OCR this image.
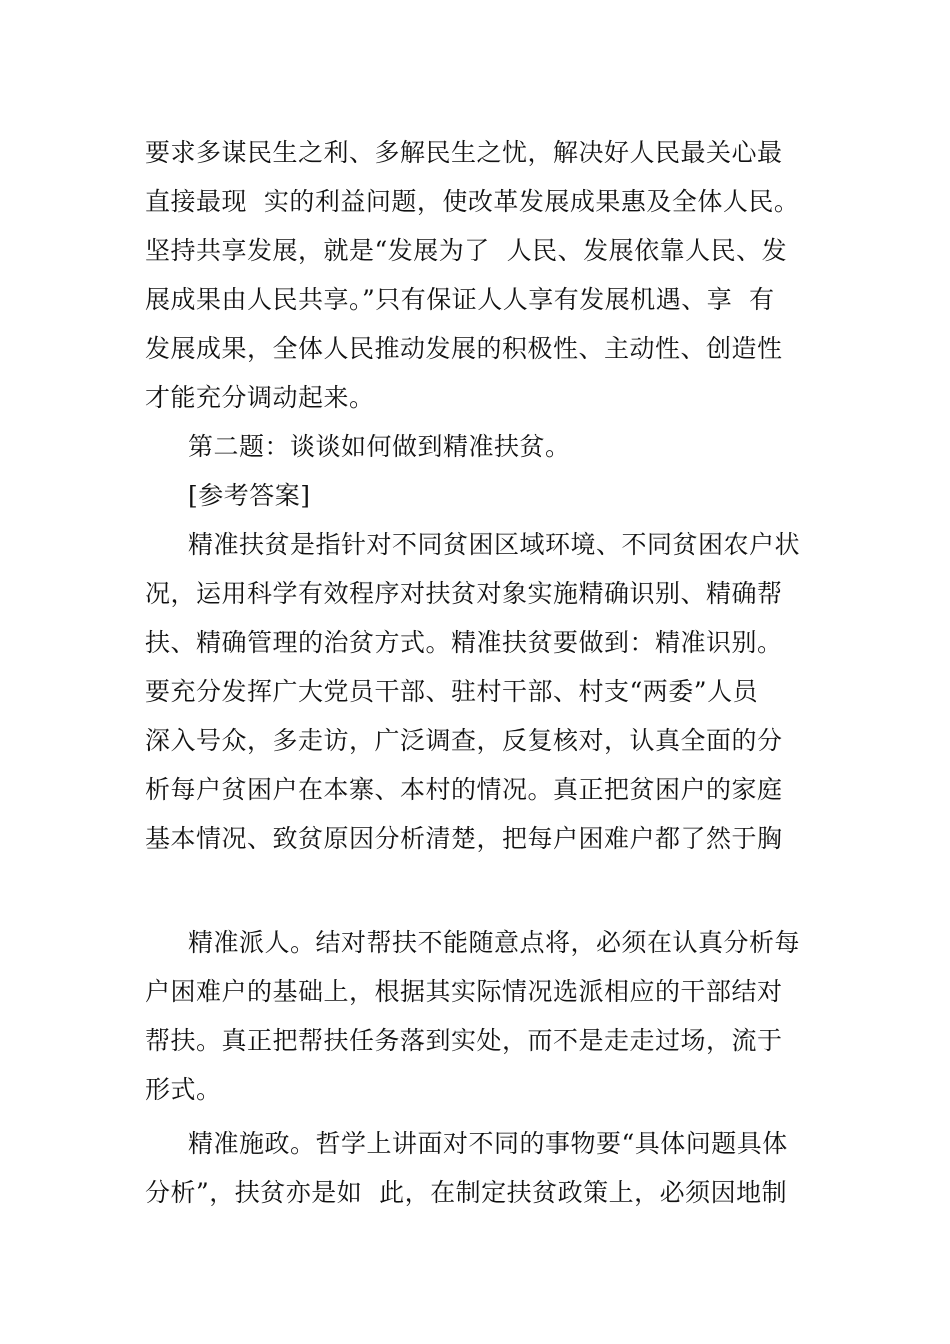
要求多谋民生之利、多解民生之忧，解决好人民最关心最
直接最现  实的利益问题，使改革发展成果惠及全体人民。
坚持共享发展，就是“发展为了  人民、发展依靠人民、发
展成果由人民共享。”只有保证人人享有发展机遇、享  有
发展成果，全体人民推动发展的积极性、主动性、创造性
才能充分调动起来。
第二题：谈谈如何做到精准扶贫。
[参考答案]
精准扶贫是指针对不同贫困区域环境、不同贫困农户状
况，运用科学有效程序对扶贫对象实施精确识别、精确帮
扶、精确管理的治贫方式。精准扶贫要做到：精准识别。
要充分发挥广大党员干部、驻村干部、村支“两委”人员
深入号众，多走访，广泛调查，反复核对，认真全面的分
析每户贫困户在本寨、本村的情况。真正把贫困户的家庭
基本情况、致贫原因分析清楚，把每户困难户都了然于胸
精准派人。结对帮扶不能随意点将，必须在认真分析每
户困难户的基础上，根据其实际情况选派相应的干部结对
帮扶。真正把帮扶任务落到实处，而不是走走过场，流于
形式。
精准施政。哲学上讲面对不同的事物要“具体问题具体
分析”，扶贫亦是如  此，在制定扶贫政策上，必须因地制
